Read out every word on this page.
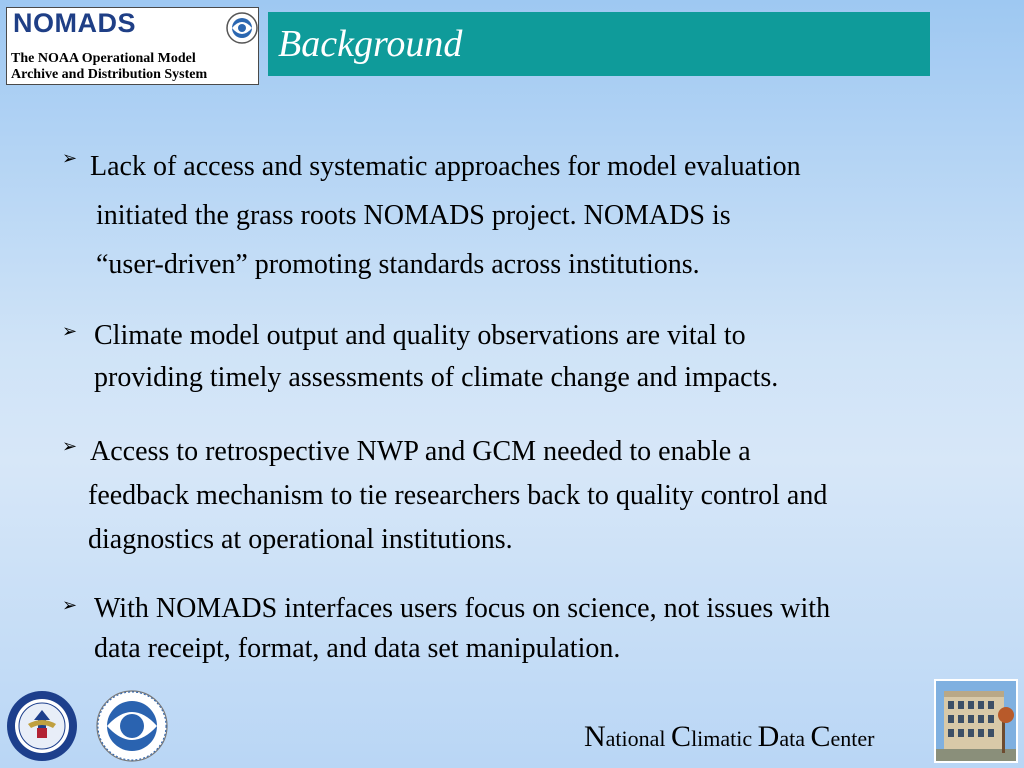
NOMADS
The NOAA Operational Model
Archive and Distribution System
Background
➢ Lack of access and systematic approaches for model evaluation
initiated the grass roots NOMADS project. NOMADS is
“user-driven” promoting standards across institutions.
➢ Climate model output and quality observations are vital to
providing timely assessments of climate change and impacts.
➢ Access to retrospective NWP and GCM needed to enable a
feedback mechanism to tie researchers back to quality control and
diagnostics at operational institutions.
➢ With NOMADS interfaces users focus on science, not issues with
data receipt, format, and data set manipulation.
National Climatic Data Center
